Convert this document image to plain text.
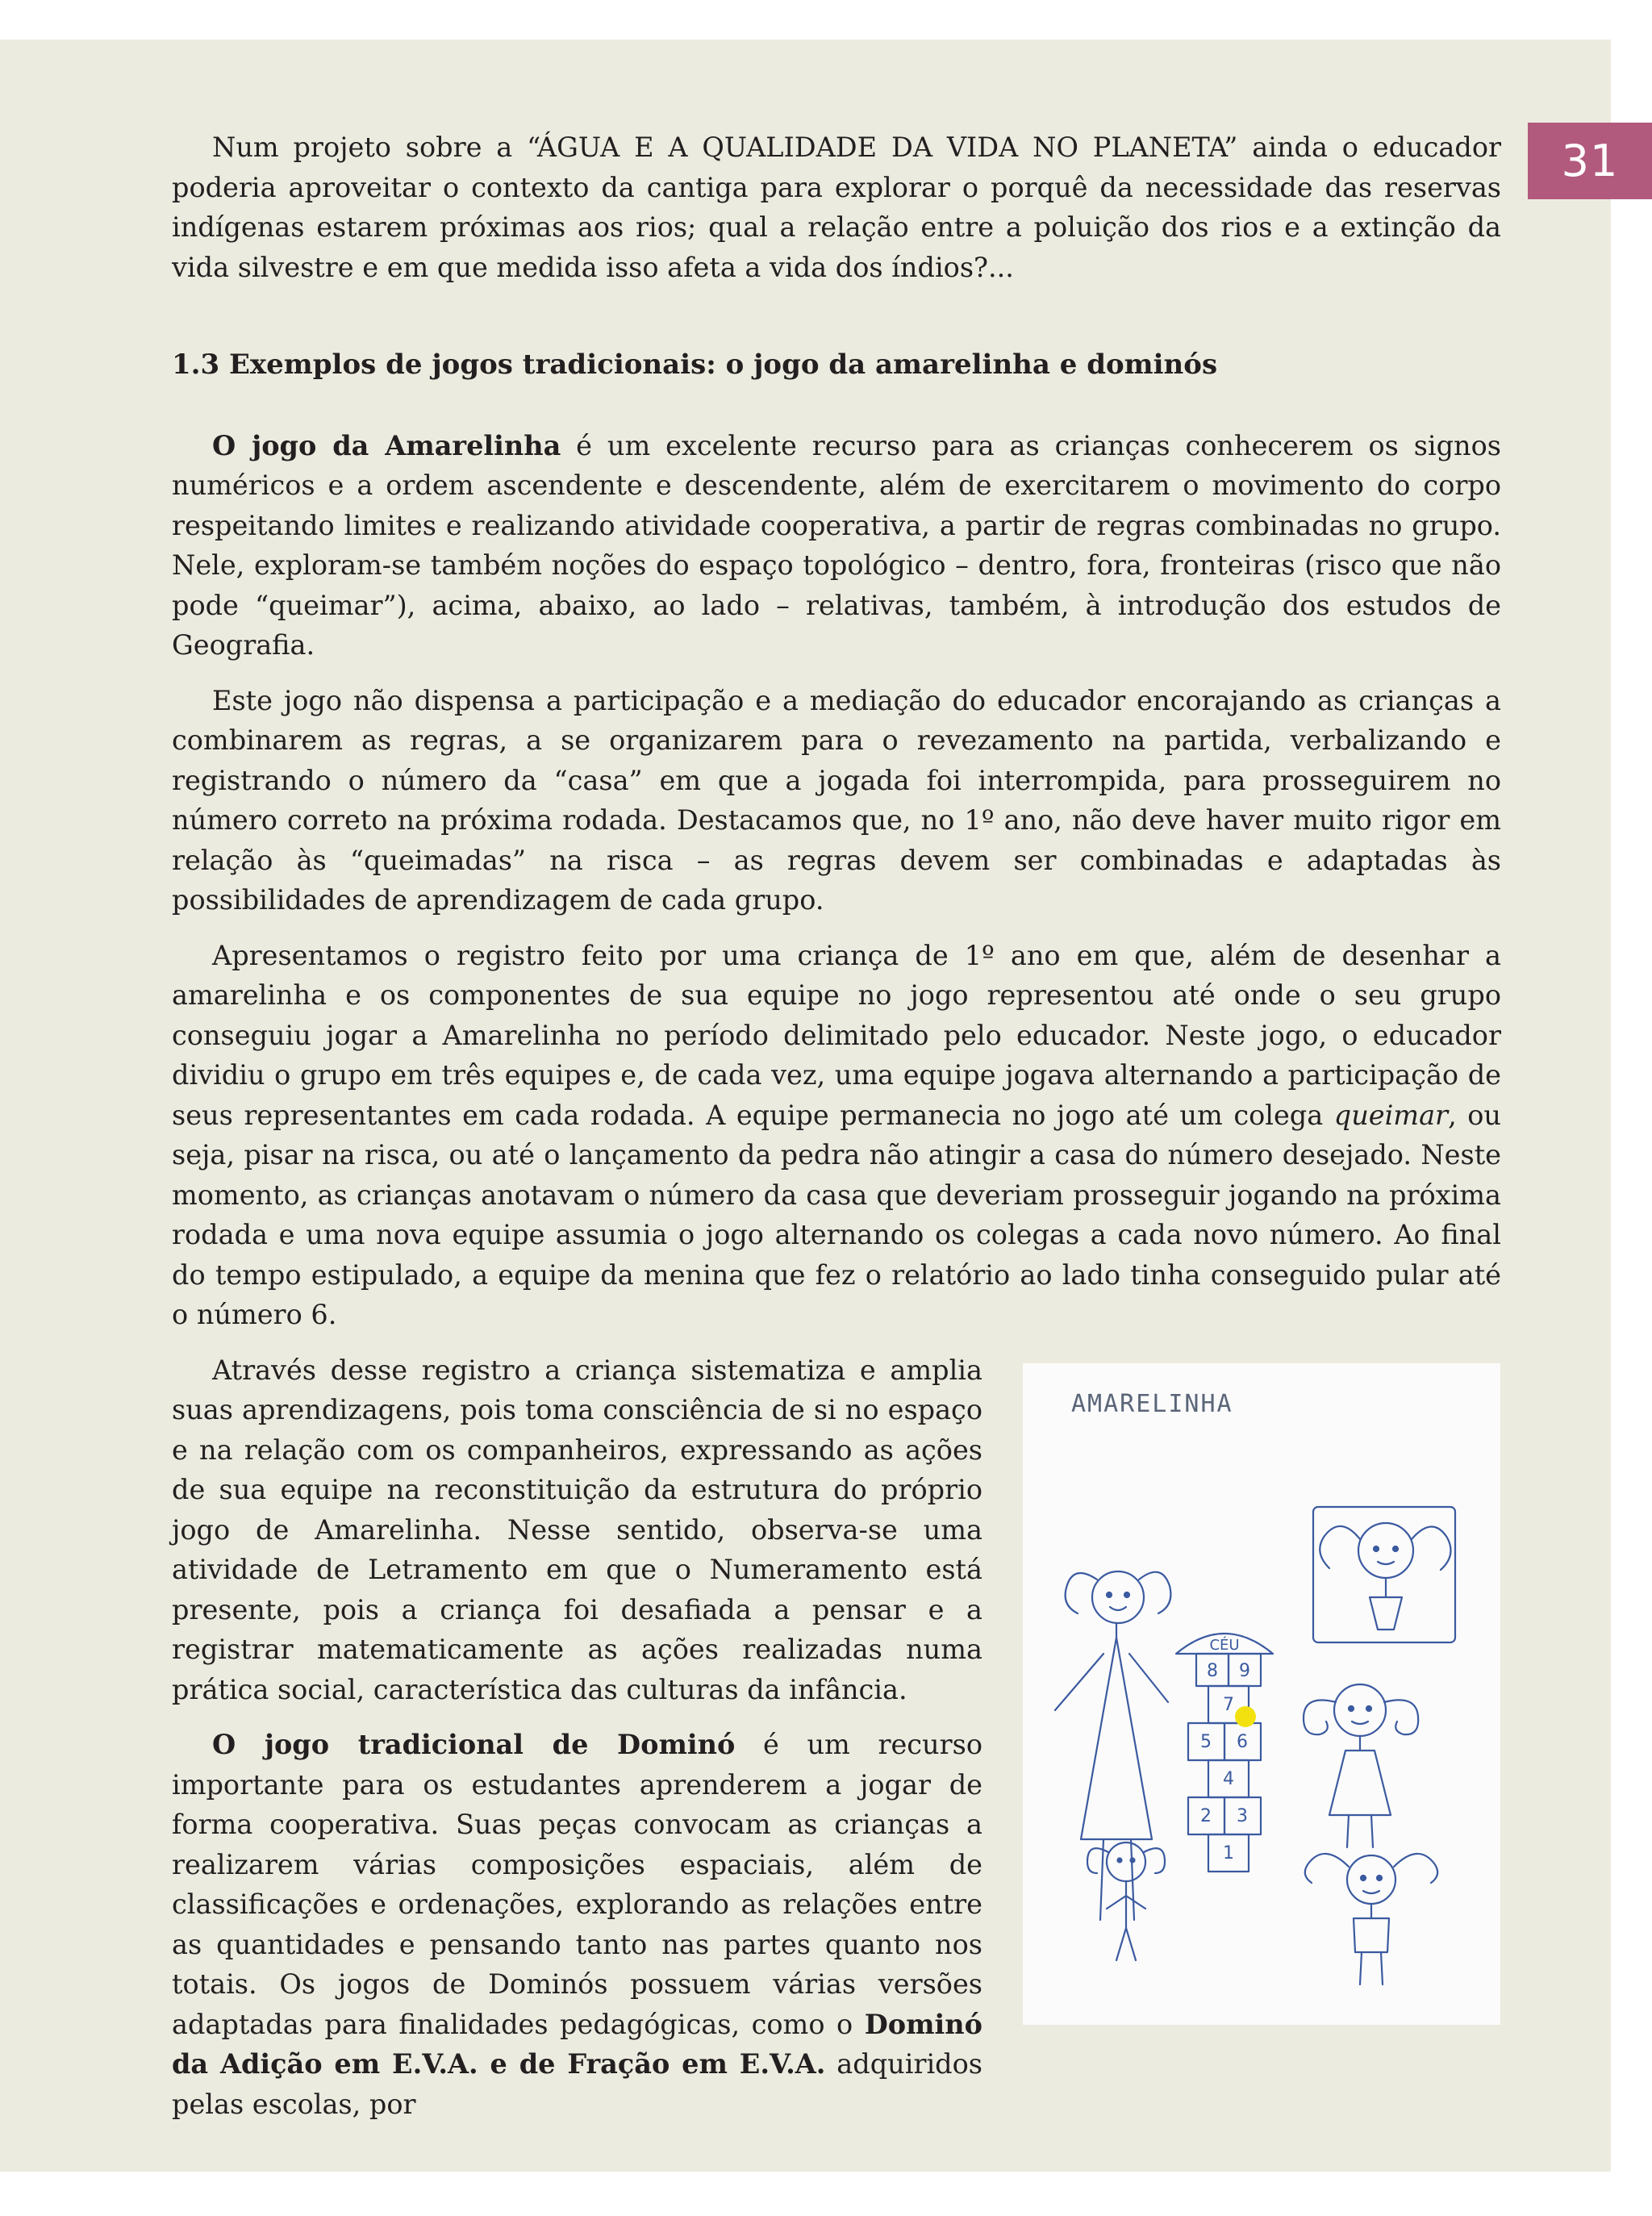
31

Num projeto sobre a “ÁGUA E A QUALIDADE DA VIDA NO PLANETA” ainda o educador poderia aproveitar o contexto da cantiga para explorar o porquê da necessidade das reservas indígenas estarem próximas aos rios; qual a relação entre a poluição dos rios e a extinção da vida silvestre e em que medida isso afeta a vida dos índios?...

1.3 Exemplos de jogos tradicionais: o jogo da amarelinha e dominós

O jogo da Amarelinha é um excelente recurso para as crianças conhecerem os signos numéricos e a ordem ascendente e descendente, além de exercitarem o movimento do corpo respeitando limites e realizando atividade cooperativa, a partir de regras combinadas no grupo. Nele, exploram-se também noções do espaço topológico – dentro, fora, fronteiras (risco que não pode “queimar”), acima, abaixo, ao lado – relativas, também, à introdução dos estudos de Geografia.

Este jogo não dispensa a participação e a mediação do educador encorajando as crianças a combinarem as regras, a se organizarem para o revezamento na partida, verbalizando e registrando o número da “casa” em que a jogada foi interrompida, para prosseguirem no número correto na próxima rodada. Destacamos que, no 1º ano, não deve haver muito rigor em relação às “queimadas” na risca – as regras devem ser combinadas e adaptadas às possibilidades de aprendizagem de cada grupo.

Apresentamos o registro feito por uma criança de 1º ano em que, além de desenhar a amarelinha e os componentes de sua equipe no jogo representou até onde o seu grupo conseguiu jogar a Amarelinha no período delimitado pelo educador. Neste jogo, o educador dividiu o grupo em três equipes e, de cada vez, uma equipe jogava alternando a participação de seus representantes em cada rodada. A equipe permanecia no jogo até um colega queimar, ou seja, pisar na risca, ou até o lançamento da pedra não atingir a casa do número desejado. Neste momento, as crianças anotavam o número da casa que deveriam prosseguir jogando na próxima rodada e uma nova equipe assumia o jogo alternando os colegas a cada novo número. Ao final do tempo estipulado, a equipe da menina que fez o relatório ao lado tinha conseguido pular até o número 6.

Através desse registro a criança sistematiza e amplia suas aprendizagens, pois toma consciência de si no espaço e na relação com os companheiros, expressando as ações de sua equipe na reconstituição da estrutura do próprio jogo de Amarelinha. Nesse sentido, observa-se uma atividade de Letramento em que o Numeramento está presente, pois a criança foi desafiada a pensar e a registrar matematicamente as ações realizadas numa prática social, característica das culturas da infância.

O jogo tradicional de Dominó é um recurso importante para os estudantes aprenderem a jogar de forma cooperativa. Suas peças convocam as crianças a realizarem várias composições espaciais, além de classificações e ordenações, explorando as relações entre as quantidades e pensando tanto nas partes quanto nos totais. Os jogos de Dominós possuem várias versões adaptadas para finalidades pedagógicas, como o Dominó da Adição em E.V.A. e de Fração em E.V.A. adquiridos pelas escolas, por

AMARELINHA
CÉU
8 9
7
5 6
4
2 3
1
